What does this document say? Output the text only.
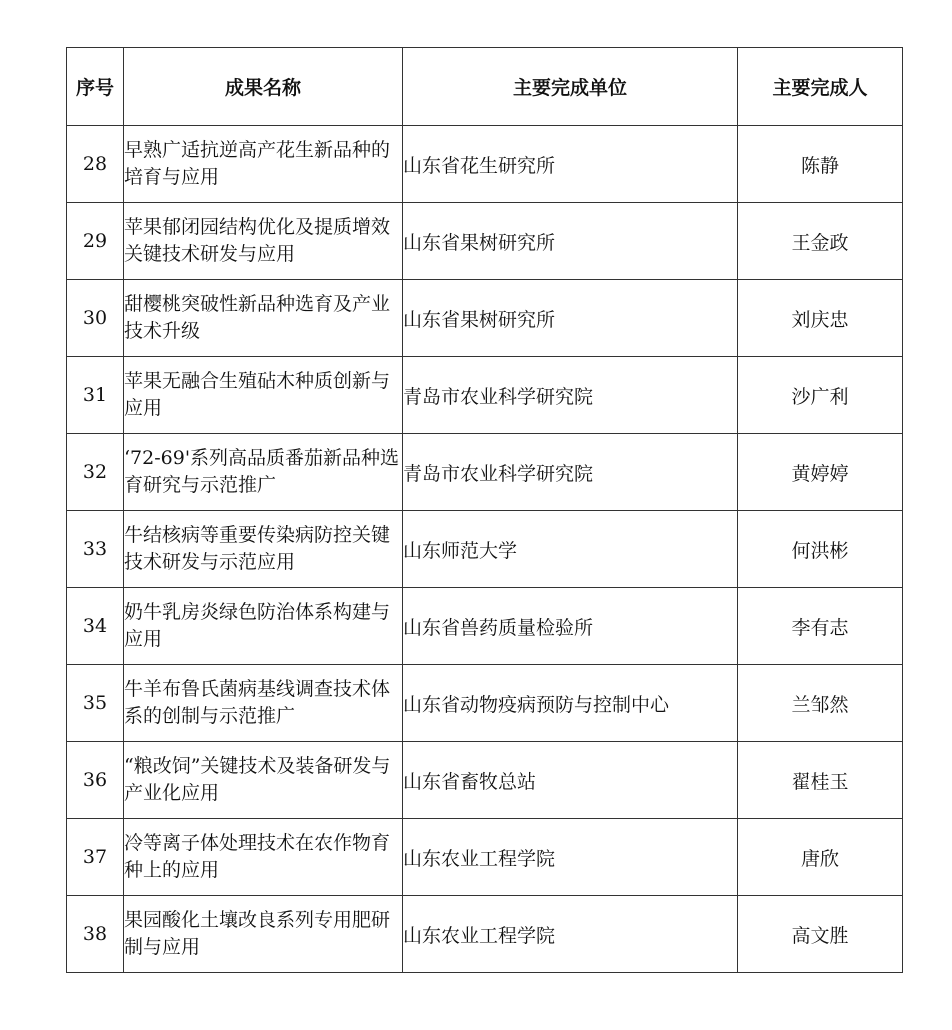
序号	成果名称	主要完成单位	主要完成人
28	早熟广适抗逆高产花生新品种的培育与应用	山东省花生研究所	陈静
29	苹果郁闭园结构优化及提质增效关键技术研发与应用	山东省果树研究所	王金政
30	甜樱桃突破性新品种选育及产业技术升级	山东省果树研究所	刘庆忠
31	苹果无融合生殖砧木种质创新与应用	青岛市农业科学研究院	沙广利
32	‘72-69'系列高品质番茄新品种选育研究与示范推广	青岛市农业科学研究院	黄婷婷
33	牛结核病等重要传染病防控关键技术研发与示范应用	山东师范大学	何洪彬
34	奶牛乳房炎绿色防治体系构建与应用	山东省兽药质量检验所	李有志
35	牛羊布鲁氏菌病基线调查技术体系的创制与示范推广	山东省动物疫病预防与控制中心	兰邹然
36	“粮改饲”关键技术及装备研发与产业化应用	山东省畜牧总站	翟桂玉
37	冷等离子体处理技术在农作物育种上的应用	山东农业工程学院	唐欣
38	果园酸化土壤改良系列专用肥研制与应用	山东农业工程学院	高文胜
